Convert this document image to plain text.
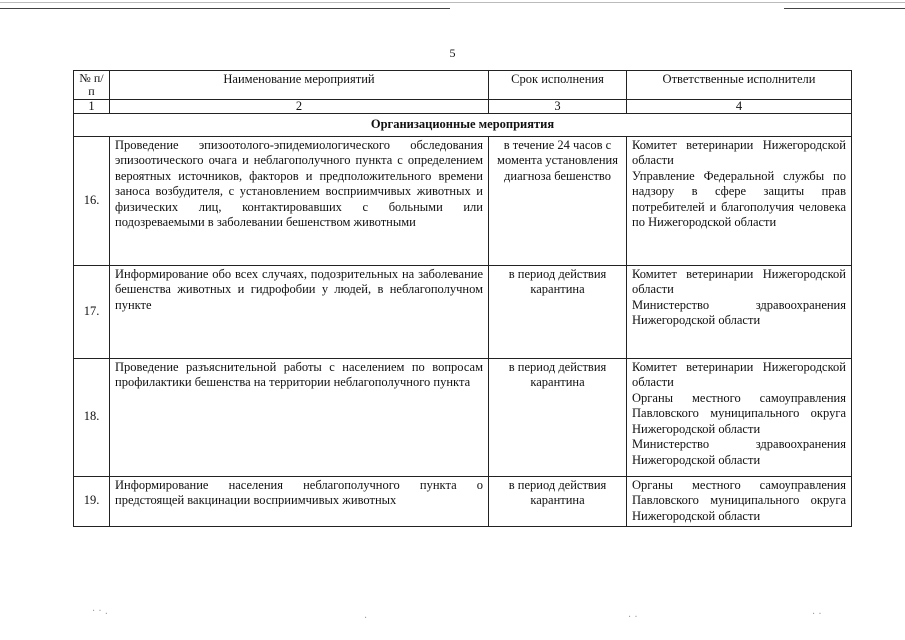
5
№ п/п	Наименование мероприятий	Срок исполнения	Ответственные исполнители
1	2	3	4
Организационные мероприятия			
16.	Проведение эпизоотолого-эпидемиологического обследования эпизоотического очага и неблагополучного пункта с определением вероятных источников, факторов и предположительного времени заноса возбудителя, с установлением восприимчивых животных и физических лиц, контактировавших с больными или подозреваемыми в заболевании бешенством животными	в течение 24 часов с момента установления диагноза бешенство	Комитет ветеринарии Нижегородской области
Управление Федеральной службы по надзору в сфере защиты прав потребителей и благополучия человека по Нижегородской области

17.	Информирование обо всех случаях, подозрительных на заболевание бешенства животных и гидрофобии у людей, в неблагополучном пункте	в период действия карантина	Комитет ветеринарии Нижегородской области
Министерство здравоохранения Нижегородской области

18.	Проведение разъяснительной работы с населением по вопросам профилактики бешенства на территории неблагополучного пункта	в период действия карантина	Комитет ветеринарии Нижегородской области
Органы местного самоуправления Павловского муниципального округа Нижегородской области
Министерство здравоохранения Нижегородской области

19.	Информирование населения неблагополучного пункта о предстоящей вакцинации восприимчивых животных	в период действия карантина	Органы местного самоуправления Павловского муниципального округа Нижегородской области
· · .	.	· ·
. .
